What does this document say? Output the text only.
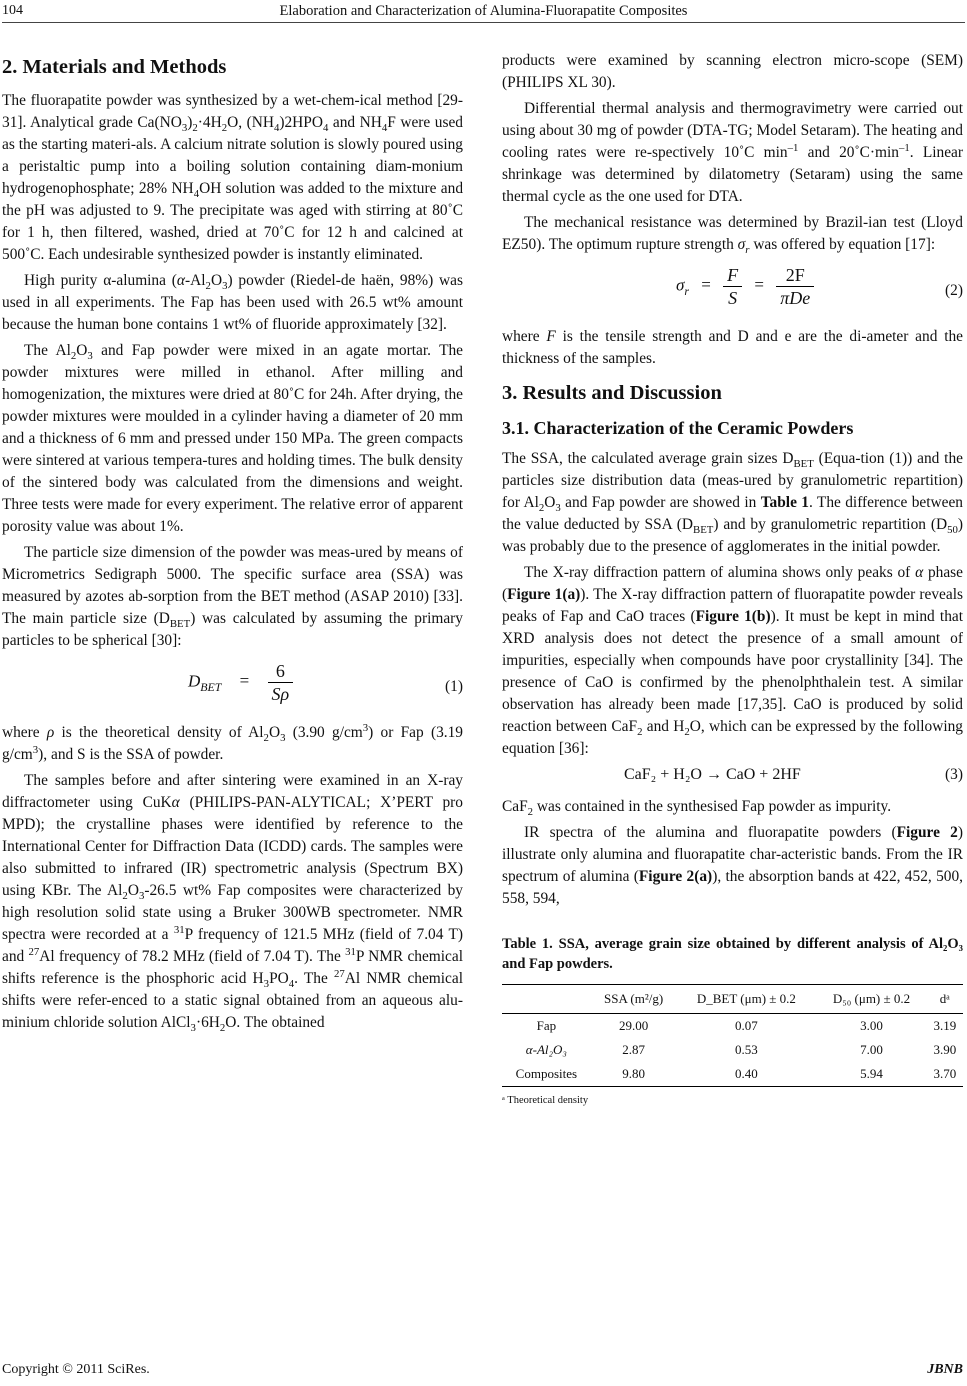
104	Elaboration and Characterization of Alumina-Fluorapatite Composites
2. Materials and Methods

The fluorapatite powder was synthesized by a wet-chem-ical method [29-31]. Analytical grade $Ca(NO_3)_2\cdot 4H_2O$, $(NH_4)2HPO_4$ and $NH_4F$ were used as the starting materi-als. A calcium nitrate solution is slowly poured using a peristaltic pump into a boiling solution containing diam-monium hydrogenophosphate; 28% $NH_4OH$ solution was added to the mixture and the pH was adjusted to 9. The precipitate was aged with stirring at 80˚C for 1 h, then filtered, washed, dried at 70˚C for 12 h and calcined at 500˚C. Each undesirable synthesized powder is instantly eliminated.

High purity α-alumina $(\alpha-Al_2O_3)$ powder (Riedel-de haën, 98%) was used in all experiments. The Fap has been used with 26.5 wt% amount because the human bone contains 1 wt% of fluoride approximately [32].

The $Al_2O_3$ and Fap powder were mixed in an agate mortar. The powder mixtures were milled in ethanol. After milling and homogenization, the mixtures were dried at 80˚C for 24h. After drying, the powder mixtures were moulded in a cylinder having a diameter of 20 mm and a thickness of 6 mm and pressed under 150 MPa. The green compacts were sintered at various tempera-tures and holding times. The bulk density of the sintered body was calculated from the dimensions and weight. Three tests were made for every experiment. The relative error of apparent porosity value was about 1%.

The particle size dimension of the powder was meas-ured by means of Micrometrics Sedigraph 5000. The specific surface area (SSA) was measured by azotes ab-sorption from the BET method (ASAP 2010) [33]. The main particle size $(D_{BET})$ was calculated by assuming the primary particles to be spherical [30]:

$D_{BET} = \frac{6}{S\rho}$	(1)

where ρ is the theoretical density of $Al_2O_3$ (3.90 $g/cm^3$) or Fap (3.19 $g/cm^3$), and S is the SSA of powder.

The samples before and after sintering were examined in an X-ray diffractometer using CuKα (PHILIPS-PAN-ALYTICAL; X’PERT pro MPD); the crystalline phases were identified by reference to the International Center for Diffraction Data (ICDD) cards. The samples were also submitted to infrared (IR) spectrometric analysis (Spectrum BX) using KBr. The $Al_2O_3-26.5$ wt% Fap composites were characterized by high resolution solid state using a Bruker 300WB spectrometer. NMR spectra were recorded at a $^{31}$P frequency of 121.5 MHz (field of 7.04 T) and $^{27}$Al frequency of 78.2 MHz (field of 7.04 T). The $^{31}$P NMR chemical shifts reference is the phosphoric acid $H_3PO_4$. The $^{27}$Al NMR chemical shifts were refer-enced to a static signal obtained from an aqueous alu-minium chloride solution $AlCl_3\cdot 6H_2O$. The obtained

products were examined by scanning electron micro-scope (SEM) (PHILIPS XL 30).

Differential thermal analysis and thermogravimetry were carried out using about 30 mg of powder (DTA-TG; Model Setaram). The heating and cooling rates were re-spectively 10˚C $\min^{-1}$ and $20˚C\cdot\min^{-1}$. Linear shrinkage was determined by dilatometry (Setaram) using the same thermal cycle as the one used for DTA.

The mechanical resistance was determined by Brazil-ian test (Lloyd EZ50). The optimum rupture strength $\sigma_r$ was offered by equation [17]:

$\sigma_r = \frac{F}{S} = \frac{2F}{\text{πDe}}$	(2)

where F is the tensile strength and D and e are the di-ameter and the thickness of the samples.

3. Results and Discussion
3.1. Characterization of the Ceramic Powders

The SSA, the calculated average grain sizes $D_{BET}$ (Equa-tion (1)) and the particles size distribution data (meas-ured by granulometric repartition) for $Al_2O_3$ and Fap powder are showed in Table 1. The difference between the value deducted by SSA $(D_{BET})$ and by granulometric repartition $(D_{50})$ was probably due to the presence of agglomerates in the initial powder.

The X-ray diffraction pattern of alumina shows only peaks of α phase (Figure 1(a)). The X-ray diffraction pattern of fluorapatite powder reveals peaks of Fap and CaO traces (Figure 1(b)). It must be kept in mind that XRD analysis does not detect the presence of a small amount of impurities, especially when compounds have poor crystallinity [34]. The presence of CaO is confirmed by the phenolphthalein test. A similar observation has already been made [17,35]. CaO is produced by solid reaction between CaF$_2$ and $H_2O$, which can be expressed by the following equation [36]:

CaF₂ + H₂O → CaO + 2HF	(3)

CaF$_2$ was contained in the synthesised Fap powder as impurity.

IR spectra of the alumina and fluorapatite powders (Figure 2) illustrate only alumina and fluorapatite char-acteristic bands. From the IR spectrum of alumina (Figure 2(a)), the absorption bands at 422, 452, 500, 558, 594,

Table 1. SSA, average grain size obtained by different analysis of Al₂O₃ and Fap powders.
	SSA (m²/g)	D_BET (μm) ± 0.2	D₅₀ (μm) ± 0.2	dᵃ
Fap	29.00	0.07	3.00	3.19
α-Al₂O₃	2.87	0.53	7.00	3.90
Composites	9.80	0.40	5.94	3.70
ᵃ Theoretical density
Copyright © 2011 SciRes.	JBNB
